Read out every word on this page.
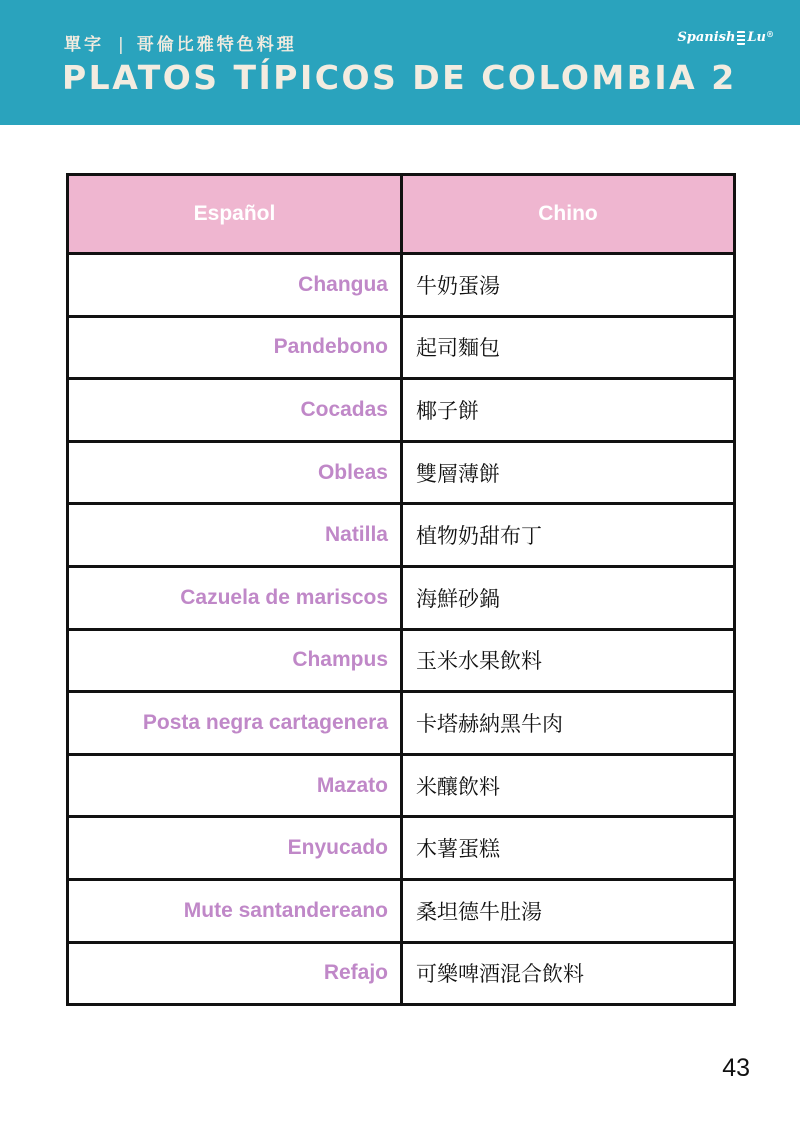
單字 | 哥倫比雅特色料理
PLATOS TÍPICOS DE COLOMBIA 2
Spanish Lu ®
Español	Chino
Changua	牛奶蛋湯
Pandebono	起司麵包
Cocadas	椰子餅
Obleas	雙層薄餅
Natilla	植物奶甜布丁
Cazuela de mariscos	海鮮砂鍋
Champus	玉米水果飲料
Posta negra cartagenera	卡塔赫納黑牛肉
Mazato	米釀飲料
Enyucado	木薯蛋糕
Mute santandereano	桑坦德牛肚湯
Refajo	可樂啤酒混合飲料
43
